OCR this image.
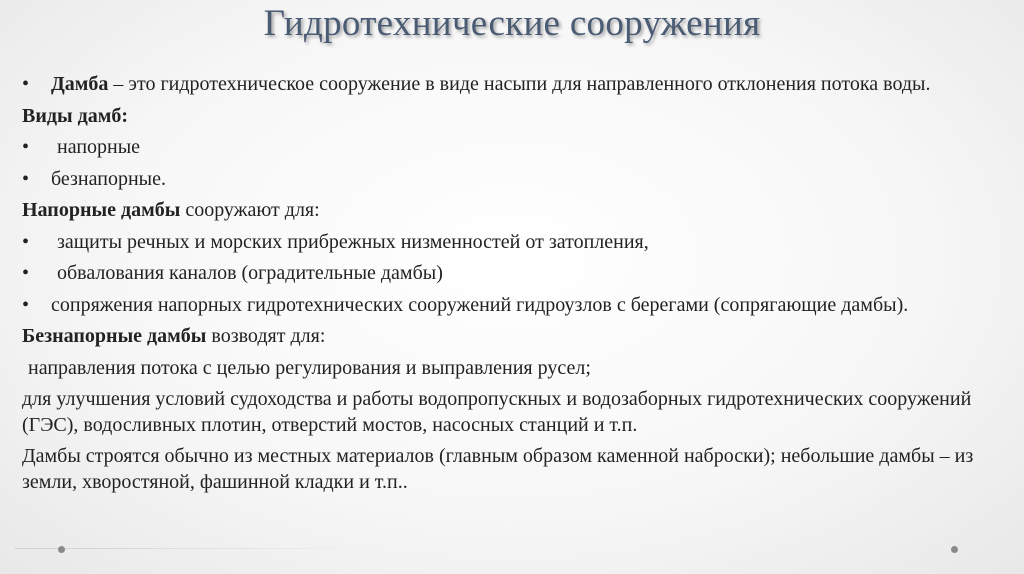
Гидротехнические сооружения
• Дамба – это гидротехническое сооружение в виде насыпи для направленного отклонения потока воды.
Виды дамб:
• напорные
• безнапорные.
Напорные дамбы сооружают для:
• защиты речных и морских прибрежных низменностей от затопления,
• обвалования каналов (оградительные дамбы)
• сопряжения напорных гидротехнических сооружений гидроузлов с берегами (сопрягающие дамбы).
Безнапорные дамбы возводят для:
направления потока с целью регулирования и выправления русел;
для улучшения условий судоходства и работы водопропускных и водозаборных гидротехнических сооружений (ГЭС), водосливных плотин, отверстий мостов, насосных станций и т.п.
Дамбы строятся обычно из местных материалов (главным образом каменной наброски); небольшие дамбы – из земли, хворостяной, фашинной кладки и т.п..
